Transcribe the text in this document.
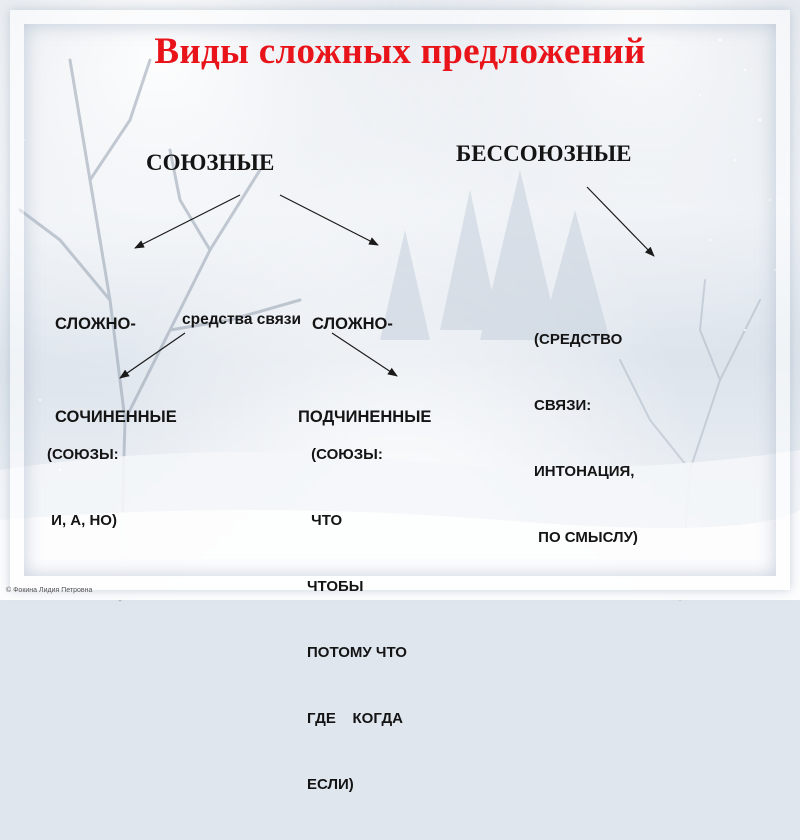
Виды сложных предложений
СОЮЗНЫЕ	БЕССОЮЗНЫЕ

СЛОЖНО-

СОЧИНЕННЫЕ

СЛОЖНО-

ПОДЧИНЕННЫЕ

средства связи

(СРЕДСТВО

СВЯЗИ:

ИНТОНАЦИЯ,

ПО СМЫСЛУ)

(СОЮЗЫ:

И, А, НО)

(СОЮЗЫ:

ЧТО

ЧТОБЫ

ПОТОМУ ЧТО

ГДЕ    КОГДА

ЕСЛИ)

© Фокина Лидия Петровна
